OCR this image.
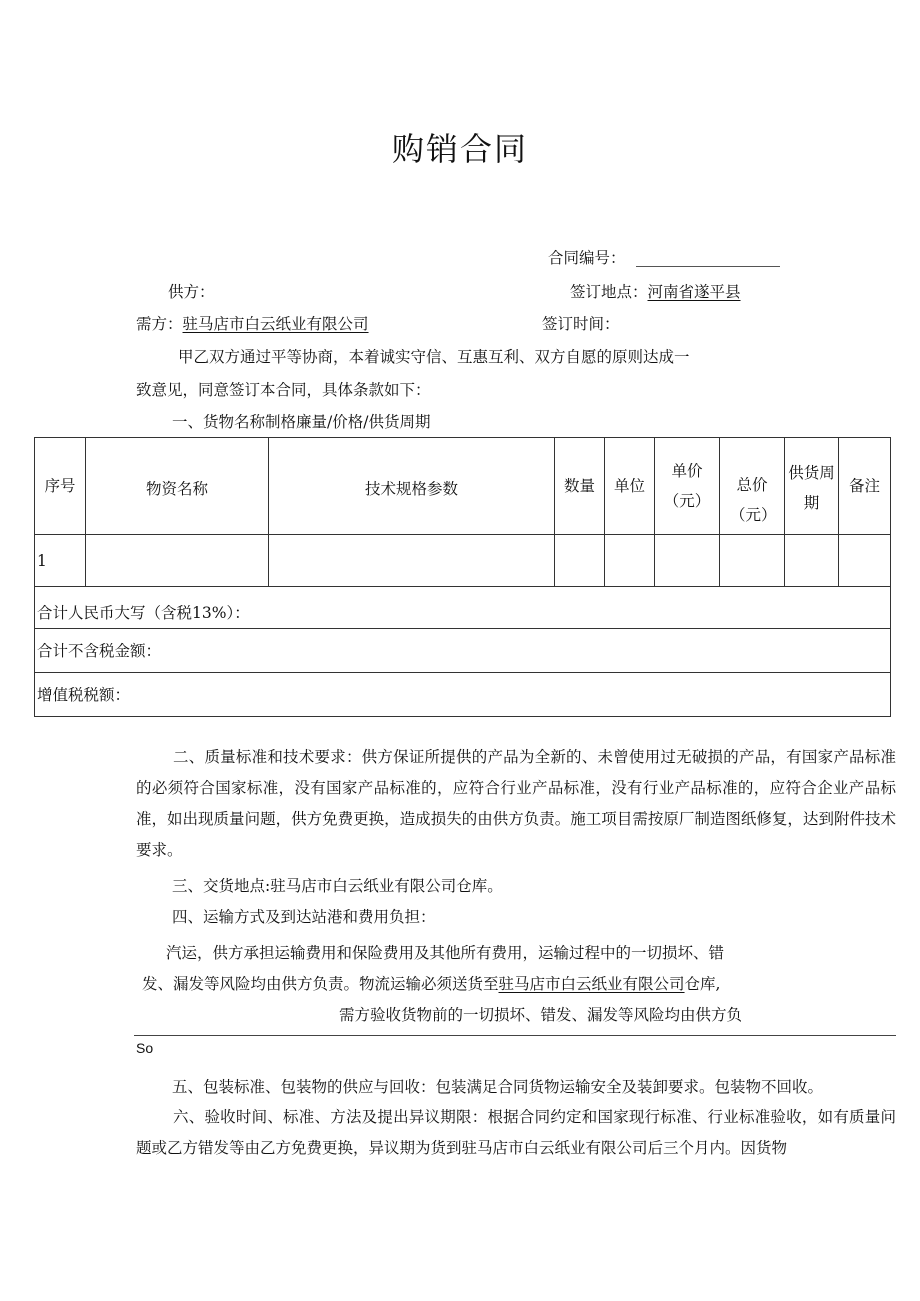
购销合同
合同编号：
供方：	签订地点：河南省遂平县
需方：驻马店市白云纸业有限公司	签订时间：
甲乙双方通过平等协商，本着诚实守信、互惠互利、双方自愿的原则达成一
致意见，同意签订本合同，具体条款如下：
一、货物名称制格廉量/价格/供货周期
序号	物资名称	技术规格参数	数量	单位	单价（元）	总价（元）	供货周期	备注
1								
合计人民币大写（含税13%）：								
合计不含税金额：								
增值税税额：								

二、质量标准和技术要求：供方保证所提供的产品为全新的、未曾使用过无破损的产品，有国家产品标准的必须符合国家标准，没有国家产品标准的，应符合行业产品标准，没有行业产品标准的，应符合企业产品标准，如出现质量问题，供方免费更换，造成损失的由供方负责。施工项目需按原厂制造图纸修复，达到附件技术要求。

三、交货地点:驻马店市白云纸业有限公司仓库。
四、运输方式及到达站港和费用负担：
汽运，供方承担运输费用和保险费用及其他所有费用，运输过程中的一切损坏、错
发、漏发等风险均由供方负责。物流运输必须送货至驻马店市白云纸业有限公司仓库,
需方验收货物前的一切损坏、错发、漏发等风险均由供方负
So
五、包装标准、包装物的供应与回收：包装满足合同货物运输安全及装卸要求。包装物不回收。

六、验收时间、标准、方法及提出异议期限：根据合同约定和国家现行标准、行业标准验收，如有质量问题或乙方错发等由乙方免费更换，异议期为货到驻马店市白云纸业有限公司后三个月内。因货物
